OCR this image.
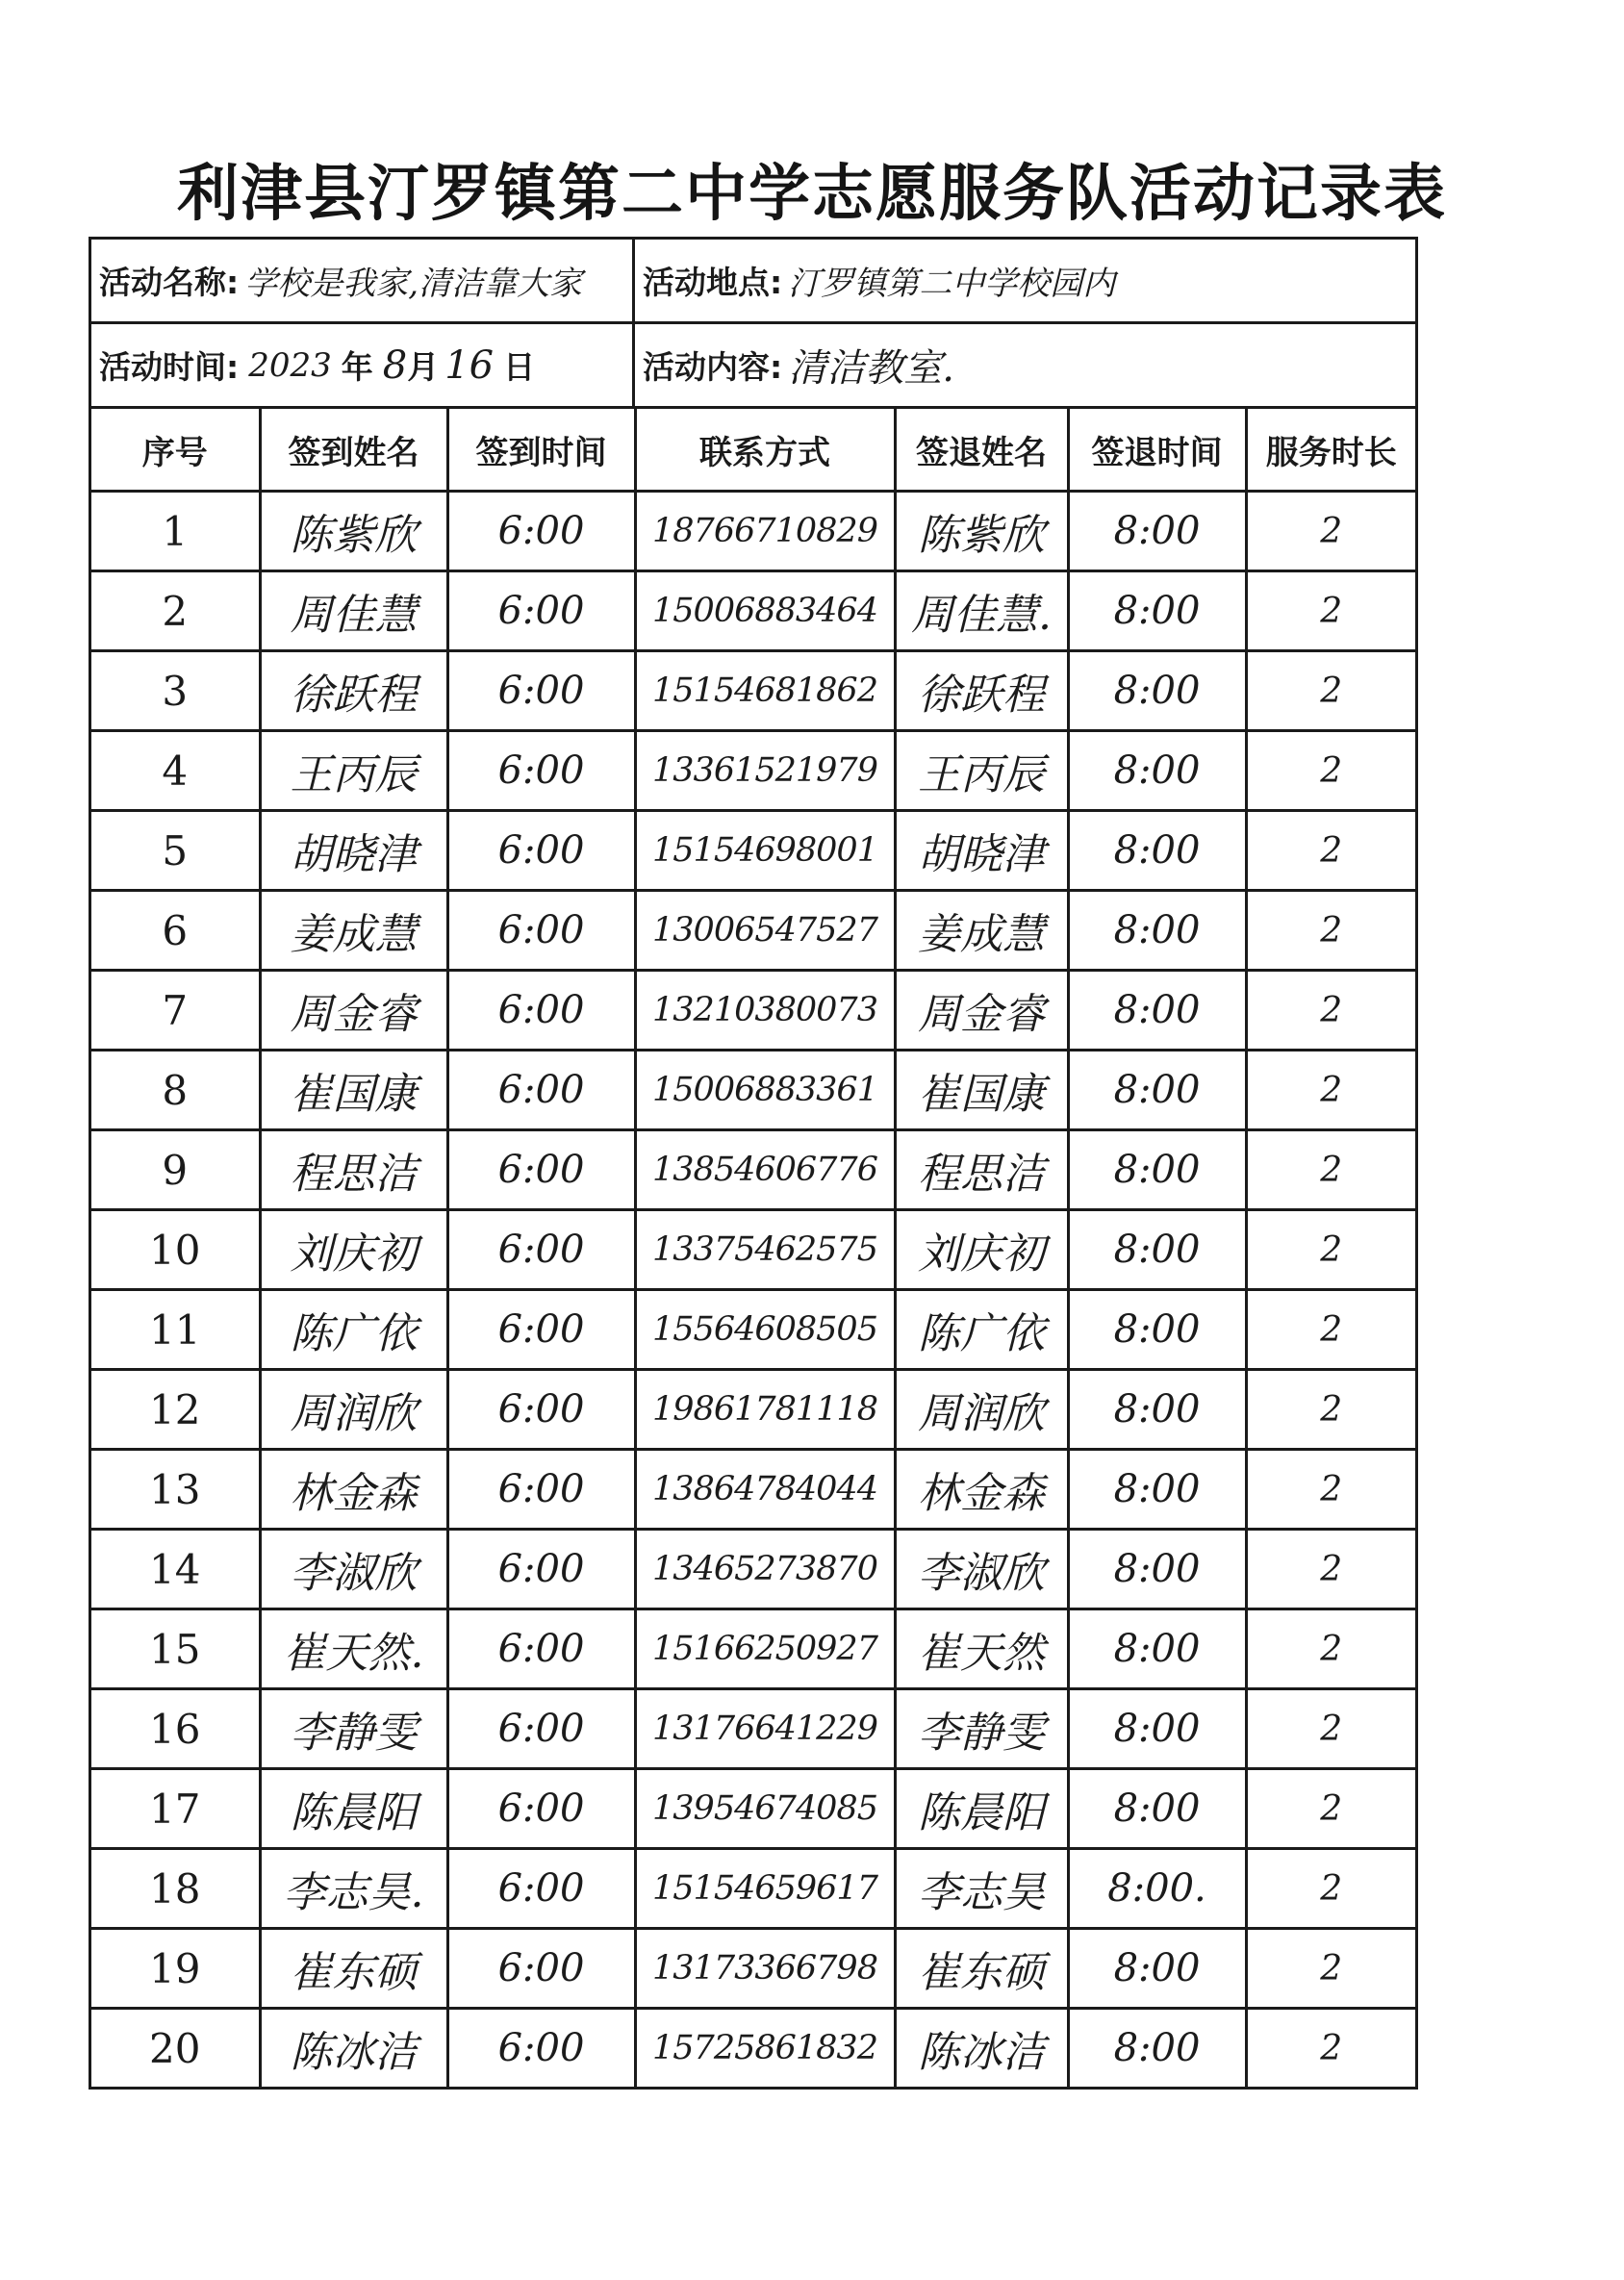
利津县汀罗镇第二中学志愿服务队活动记录表
活动名称: 学校是我家,清洁靠大家 活动地点: 汀罗镇第二中学校园内
活动时间: 2023 年 8 月 16 日	活动内容: 清洁教室.
序号	签到姓名	签到时间	联系方式	签退姓名	签退时间	服务时长
1	陈紫欣	6:00	18766710829	陈紫欣	8:00	2
2	周佳慧	6:00	15006883464	周佳慧.	8:00	2
3	徐跃程	6:00	15154681862	徐跃程	8:00	2
4	王丙辰	6:00	13361521979	王丙辰	8:00	2
5	胡晓津	6:00	15154698001	胡晓津	8:00	2
6	姜成慧	6:00	13006547527	姜成慧	8:00	2
7	周金睿	6:00	13210380073	周金睿	8:00	2
8	崔国康	6:00	15006883361	崔国康	8:00	2
9	程思洁	6:00	13854606776	程思洁	8:00	2
10	刘庆初	6:00	13375462575	刘庆初	8:00	2
11	陈广依	6:00	15564608505	陈广依	8:00	2
12	周润欣	6:00	19861781118	周润欣	8:00	2
13	林金森	6:00	13864784044	林金森	8:00	2
14	李淑欣	6:00	13465273870	李淑欣	8:00	2
15	崔天然.	6:00	15166250927	崔天然	8:00	2
16	李静雯	6:00	13176641229	李静雯	8:00	2
17	陈晨阳	6:00	13954674085	陈晨阳	8:00	2
18	李志昊.	6:00	15154659617	李志昊	8:00.	2
19	崔东硕	6:00	13173366798	崔东硕	8:00	2
20	陈冰洁	6:00	15725861832	陈冰洁	8:00	2
